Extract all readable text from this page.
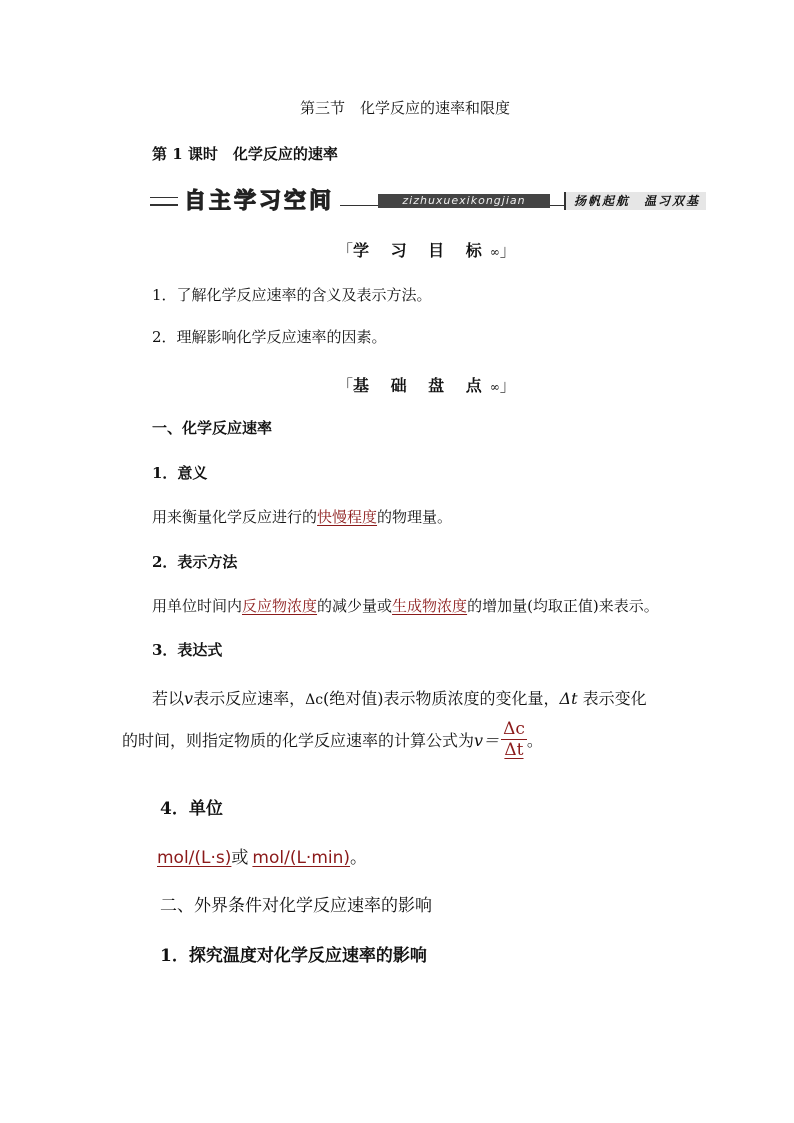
第三节　化学反应的速率和限度
第 1 课时　化学反应的速率
自主学习空间	zizhuxuexikongjian	扬帆起航　温习双基
「学 习 目 标∞」
1．了解化学反应速率的含义及表示方法。
2．理解影响化学反应速率的因素。
「基 础 盘 点∞」
一、化学反应速率
1．意义
用来衡量化学反应进行的快慢程度的物理量。
2．表示方法
用单位时间内反应物浓度的减少量或生成物浓度的增加量(均取正值)来表示。
3．表达式
若以v表示反应速率，Δc(绝对值)表示物质浓度的变化量，Δt 表示变化
的时间，则指定物质的化学反应速率的计算公式为$v= \frac{\Delta c}{\Delta t}$ 。
4．单位
mol/(L·s)或 mol/(L·min)。
二、外界条件对化学反应速率的影响
1．探究温度对化学反应速率的影响
